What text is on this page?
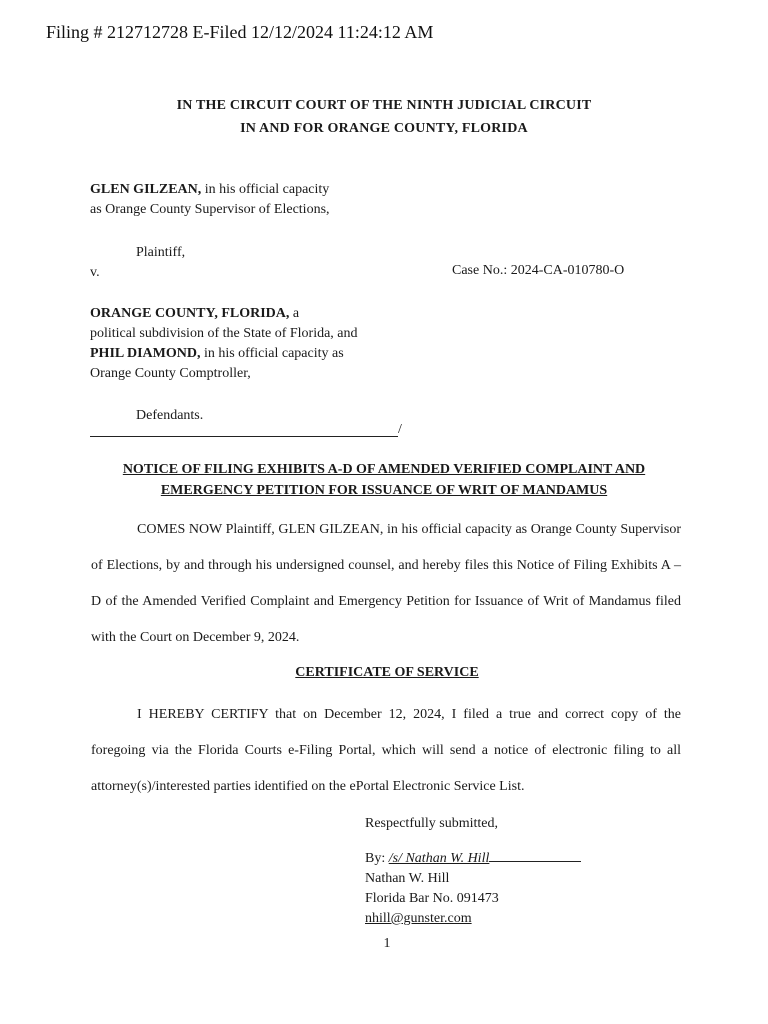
Filing # 212712728 E-Filed 12/12/2024 11:24:12 AM
IN THE CIRCUIT COURT OF THE NINTH JUDICIAL CIRCUIT
IN AND FOR ORANGE COUNTY, FLORIDA
GLEN GILZEAN, in his official capacity
as Orange County Supervisor of Elections,
Plaintiff,
v.	Case No.: 2024-CA-010780-O
ORANGE COUNTY, FLORIDA, a
political subdivision of the State of Florida, and
PHIL DIAMOND, in his official capacity as
Orange County Comptroller,
Defendants.
/
NOTICE OF FILING EXHIBITS A-D OF AMENDED VERIFIED COMPLAINT AND
EMERGENCY PETITION FOR ISSUANCE OF WRIT OF MANDAMUS
COMES NOW Plaintiff, GLEN GILZEAN, in his official capacity as Orange County Supervisor of Elections, by and through his undersigned counsel, and hereby files this Notice of Filing Exhibits A – D of the Amended Verified Complaint and Emergency Petition for Issuance of Writ of Mandamus filed with the Court on December 9, 2024.
CERTIFICATE OF SERVICE
I HEREBY CERTIFY that on December 12, 2024, I filed a true and correct copy of the foregoing via the Florida Courts e-Filing Portal, which will send a notice of electronic filing to all attorney(s)/interested parties identified on the ePortal Electronic Service List.
Respectfully submitted,
By: /s/ Nathan W. Hill
Nathan W. Hill
Florida Bar No. 091473
nhill@gunster.com
1
